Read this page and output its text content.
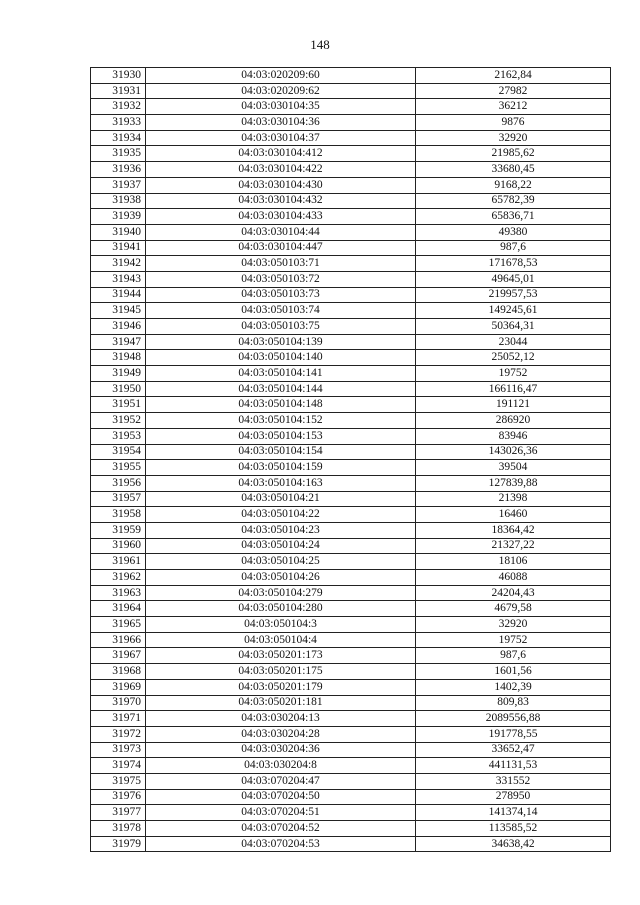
148
31930	04:03:020209:60	2162,84
31931	04:03:020209:62	27982
31932	04:03:030104:35	36212
31933	04:03:030104:36	9876
31934	04:03:030104:37	32920
31935	04:03:030104:412	21985,62
31936	04:03:030104:422	33680,45
31937	04:03:030104:430	9168,22
31938	04:03:030104:432	65782,39
31939	04:03:030104:433	65836,71
31940	04:03:030104:44	49380
31941	04:03:030104:447	987,6
31942	04:03:050103:71	171678,53
31943	04:03:050103:72	49645,01
31944	04:03:050103:73	219957,53
31945	04:03:050103:74	149245,61
31946	04:03:050103:75	50364,31
31947	04:03:050104:139	23044
31948	04:03:050104:140	25052,12
31949	04:03:050104:141	19752
31950	04:03:050104:144	166116,47
31951	04:03:050104:148	191121
31952	04:03:050104:152	286920
31953	04:03:050104:153	83946
31954	04:03:050104:154	143026,36
31955	04:03:050104:159	39504
31956	04:03:050104:163	127839,88
31957	04:03:050104:21	21398
31958	04:03:050104:22	16460
31959	04:03:050104:23	18364,42
31960	04:03:050104:24	21327,22
31961	04:03:050104:25	18106
31962	04:03:050104:26	46088
31963	04:03:050104:279	24204,43
31964	04:03:050104:280	4679,58
31965	04:03:050104:3	32920
31966	04:03:050104:4	19752
31967	04:03:050201:173	987,6
31968	04:03:050201:175	1601,56
31969	04:03:050201:179	1402,39
31970	04:03:050201:181	809,83
31971	04:03:030204:13	2089556,88
31972	04:03:030204:28	191778,55
31973	04:03:030204:36	33652,47
31974	04:03:030204:8	441131,53
31975	04:03:070204:47	331552
31976	04:03:070204:50	278950
31977	04:03:070204:51	141374,14
31978	04:03:070204:52	113585,52
31979	04:03:070204:53	34638,42
